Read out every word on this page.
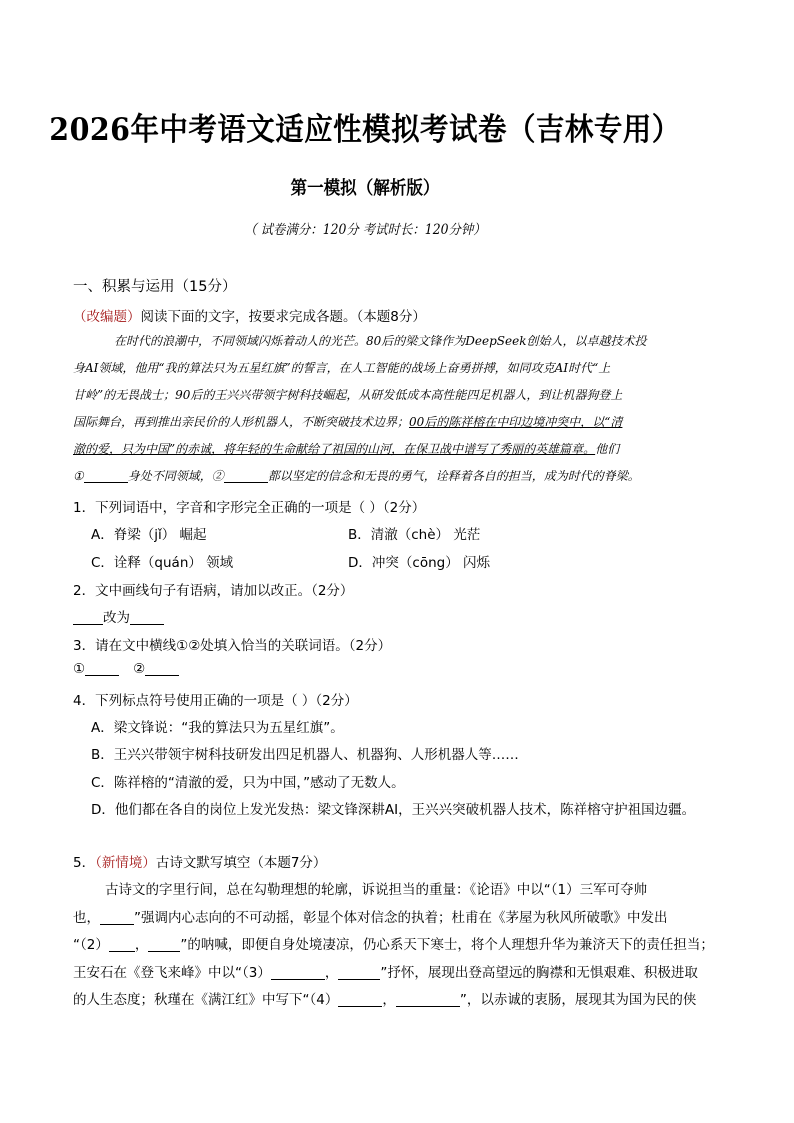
2026年中考语文适应性模拟考试卷（吉林专用）
第一模拟（解析版）
（ 试卷满分：120分 考试时长：120分钟）
一、积累与运用（15分）
（改编题）阅读下面的文字，按要求完成各题。（本题8分）
在时代的浪潮中，不同领域闪烁着动人的光芒。80后的梁文锋作为DeepSeek创始人，以卓越技术投
身AI领域，他用“我的算法只为五星红旗”的誓言，在人工智能的战场上奋勇拼搏，如同攻克AI时代“上
甘岭”的无畏战士；90后的王兴兴带领宇树科技崛起，从研发低成本高性能四足机器人，到让机器狗登上
国际舞台，再到推出亲民价的人形机器人，不断突破技术边界；00后的陈祥榕在中印边境冲突中，以“清
澈的爱，只为中国”的赤诚，将年轻的生命献给了祖国的山河，在保卫战中谱写了秀丽的英雄篇章。他们
①	身处不同领域，②	都以坚定的信念和无畏的勇气，诠释着各自的担当，成为时代的脊梁。
1．下列词语中，字音和字形完全正确的一项是（ ）（2分）
A．脊梁（jǐ） 崛起	B．清澈（chè） 光茫
C．诠释（quán） 领域	D．冲突（cōng） 闪烁
2．文中画线句子有语病，请加以改正。（2分）
改为
3．请在文中横线①②处填入恰当的关联词语。（2分）
①	②
4．下列标点符号使用正确的一项是（ ）（2分）
A．梁文锋说：“我的算法只为五星红旗”。
B．王兴兴带领宇树科技研发出四足机器人、机器狗、人形机器人等……
C．陈祥榕的“清澈的爱，只为中国，”感动了无数人。
D．他们都在各自的岗位上发光发热：梁文锋深耕AI，王兴兴突破机器人技术，陈祥榕守护祖国边疆。
5．（新情境）古诗文默写填空（本题7分）
古诗文的字里行间，总在勾勒理想的轮廓，诉说担当的重量：《论语》中以“（1）三军可夺帅
也，	”强调内心志向的不可动摇，彰显个体对信念的执着；杜甫在《茅屋为秋风所破歌》中发出
“（2） ， ”的呐喊，即便自身处境凄凉，仍心系天下寒士，将个人理想升华为兼济天下的责任担当；
王安石在《登飞来峰》中以“（3）	，	”抒怀，展现出登高望远的胸襟和无惧艰难、积极进取
的人生态度；秋瑾在《满江红》中写下“（4）	，	”，以赤诚的衷肠，展现其为国为民的侠
